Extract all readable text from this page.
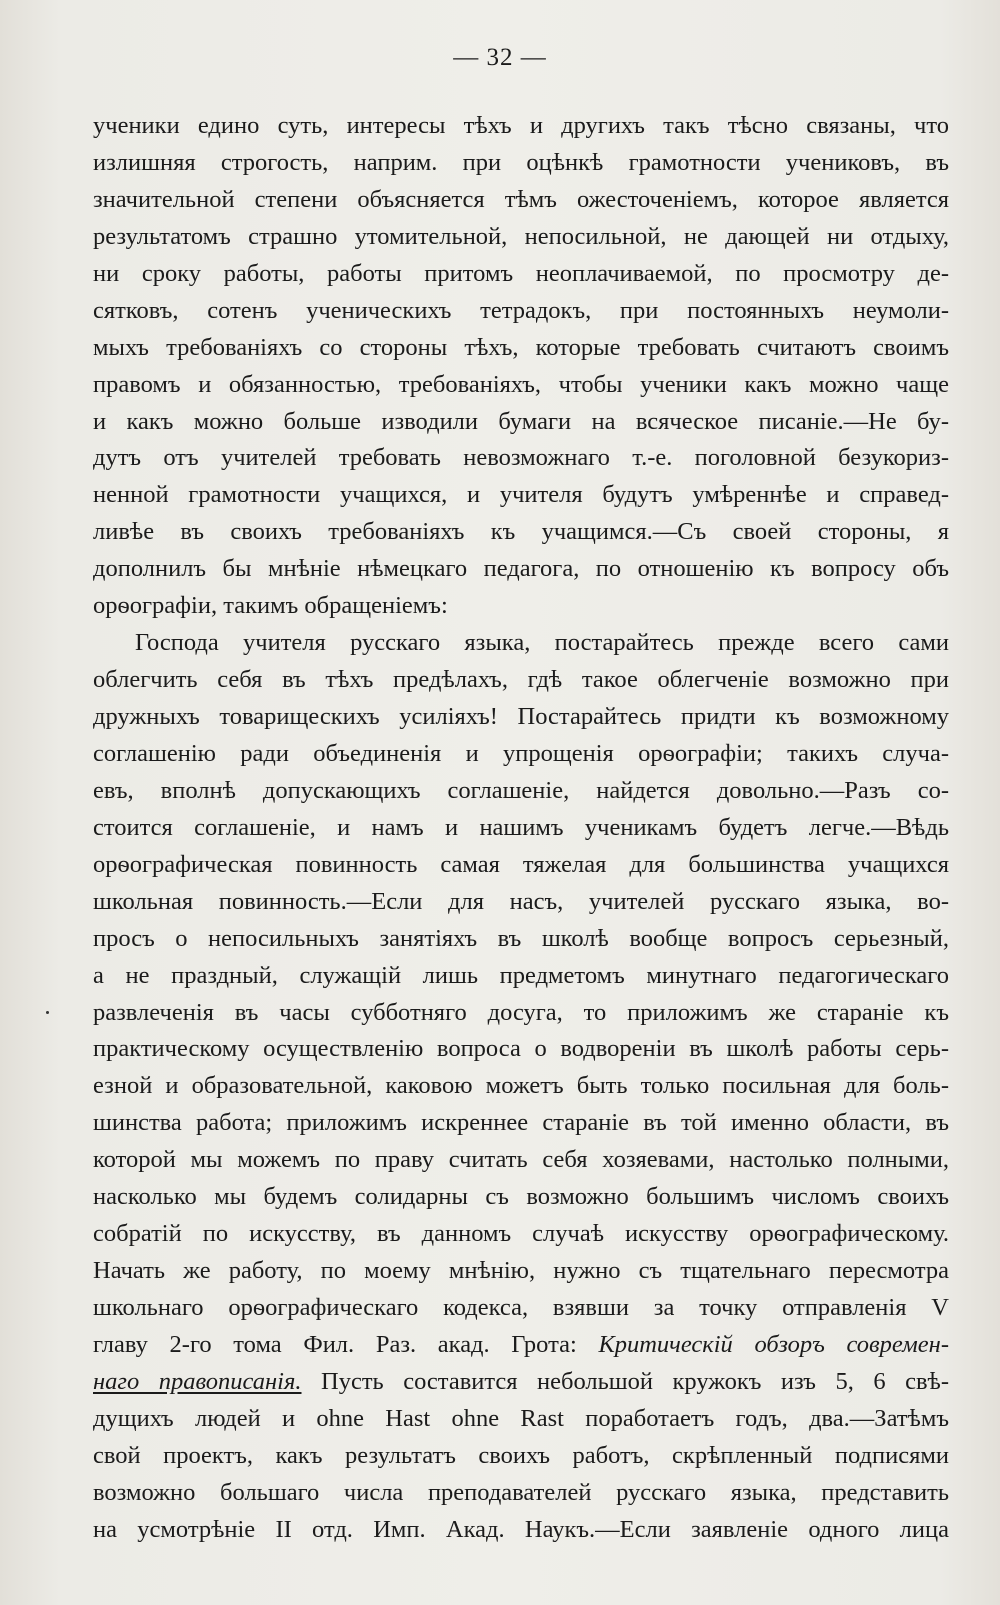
— 32 —
ученики едино суть, интересы тѣхъ и другихъ такъ тѣсно связаны, что
излишняя строгость, наприм. при оцѣнкѣ грамотности учениковъ, въ
значительной степени объясняется тѣмъ ожесточеніемъ, которое является
результатомъ страшно утомительной, непосильной, не дающей ни отдыху,
ни сроку работы, работы притомъ неоплачиваемой, по просмотру де-
сятковъ, сотенъ ученическихъ тетрадокъ, при постоянныхъ неумоли-
мыхъ требованіяхъ со стороны тѣхъ, которые требовать считаютъ своимъ
правомъ и обязанностью, требованіяхъ, чтобы ученики какъ можно чаще
и какъ можно больше изводили бумаги на всяческое писаніе.—Не бу-
дутъ отъ учителей требовать невозможнаго т.-е. поголовной безукориз-
ненной грамотности учащихся, и учителя будутъ умѣреннѣе и справед-
ливѣе въ своихъ требованіяхъ къ учащимся.—Съ своей стороны, я
дополнилъ бы мнѣніе нѣмецкаго педагога, по отношенію къ вопросу объ
орѳографіи, такимъ обращеніемъ:
Господа учителя русскаго языка, постарайтесь прежде всего сами
облегчить себя въ тѣхъ предѣлахъ, гдѣ такое облегченіе возможно при
дружныхъ товарищескихъ усиліяхъ! Постарайтесь придти къ возможному
соглашенію ради объединенія и упрощенія орѳографіи; такихъ случа-
евъ, вполнѣ допускающихъ соглашеніе, найдется довольно.—Разъ со-
стоится соглашеніе, и намъ и нашимъ ученикамъ будетъ легче.—Вѣдь
орѳографическая повинность самая тяжелая для большинства учащихся
школьная повинность.—Если для насъ, учителей русскаго языка, во-
просъ о непосильныхъ занятіяхъ въ школѣ вообще вопросъ серьезный,
а не праздный, служащій лишь предметомъ минутнаго педагогическаго
развлеченія въ часы субботняго досуга, то приложимъ же стараніе къ
практическому осуществленію вопроса о водвореніи въ школѣ работы серь-
езной и образовательной, каковою можетъ быть только посильная для боль-
шинства работа; приложимъ искреннее стараніе въ той именно области, въ
которой мы можемъ по праву считать себя хозяевами, настолько полными,
насколько мы будемъ солидарны съ возможно большимъ числомъ своихъ
собратій по искусству, въ данномъ случаѣ искусству орѳографическому.
Начать же работу, по моему мнѣнію, нужно съ тщательнаго пересмотра
школьнаго орѳографическаго кодекса, взявши за точку отправленія V
главу 2-го тома Фил. Раз. акад. Грота: Критическій обзоръ современ-
наго правописанія. Пусть составится небольшой кружокъ изъ 5, 6 свѣ-
дущихъ людей и ohne Hast ohne Rast поработаетъ годъ, два.—Затѣмъ
свой проектъ, какъ результатъ своихъ работъ, скрѣпленный подписями
возможно большаго числа преподавателей русскаго языка, представить
на усмотрѣніе II отд. Имп. Акад. Наукъ.—Если заявленіе одного лица
